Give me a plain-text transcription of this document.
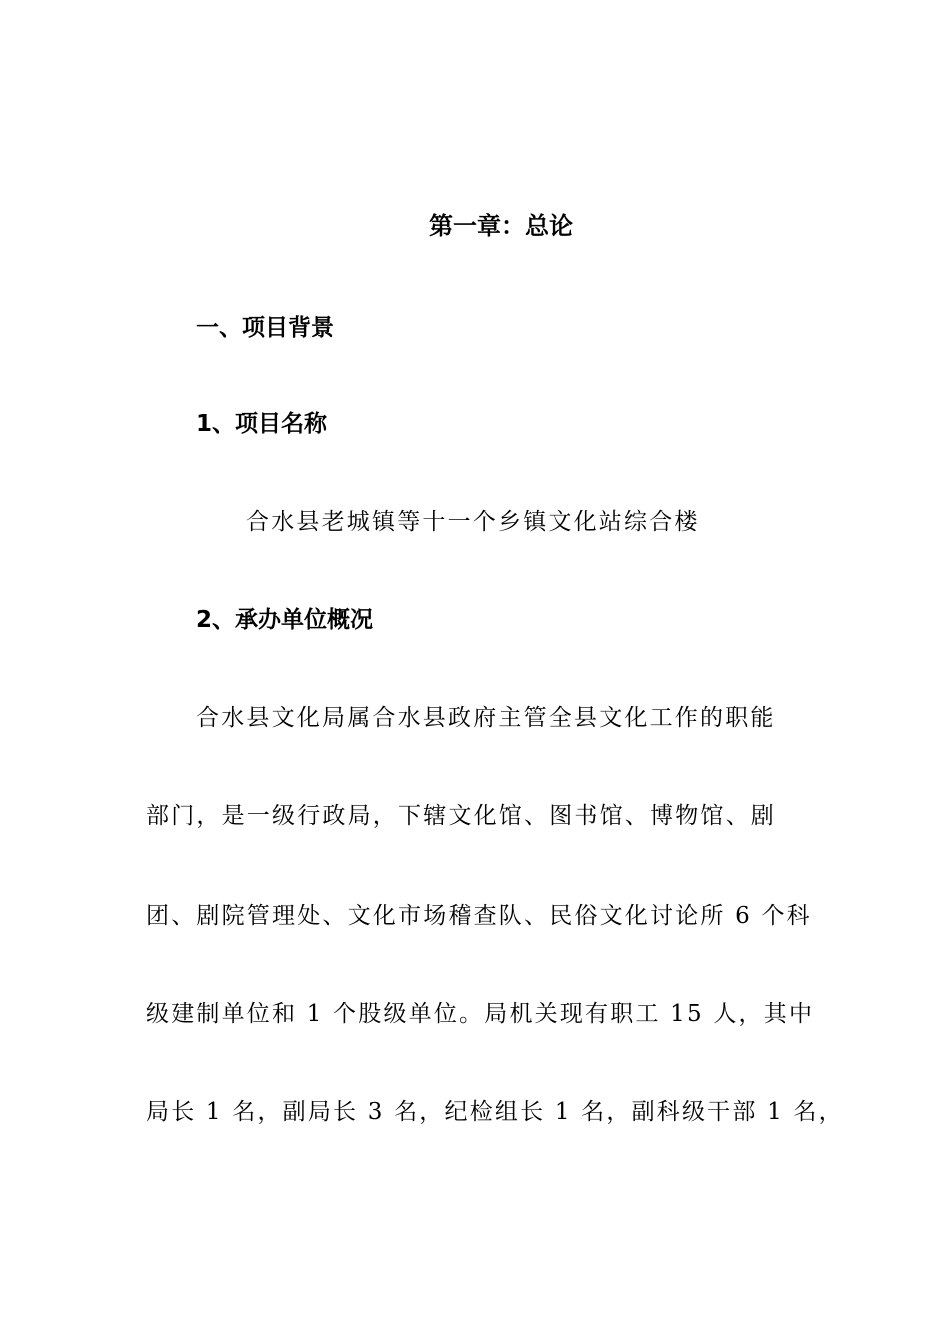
第一章：总论
一、项目背景
1、项目名称
合水县老城镇等十一个乡镇文化站综合楼
2、承办单位概况
合水县文化局属合水县政府主管全县文化工作的职能
部门，是一级行政局，下辖文化馆、图书馆、博物馆、剧
团、剧院管理处、文化市场稽查队、民俗文化讨论所 6 个科
级建制单位和 1 个股级单位。局机关现有职工 15 人，其中
局长 1 名，副局长 3 名，纪检组长 1 名，副科级干部 1 名，
